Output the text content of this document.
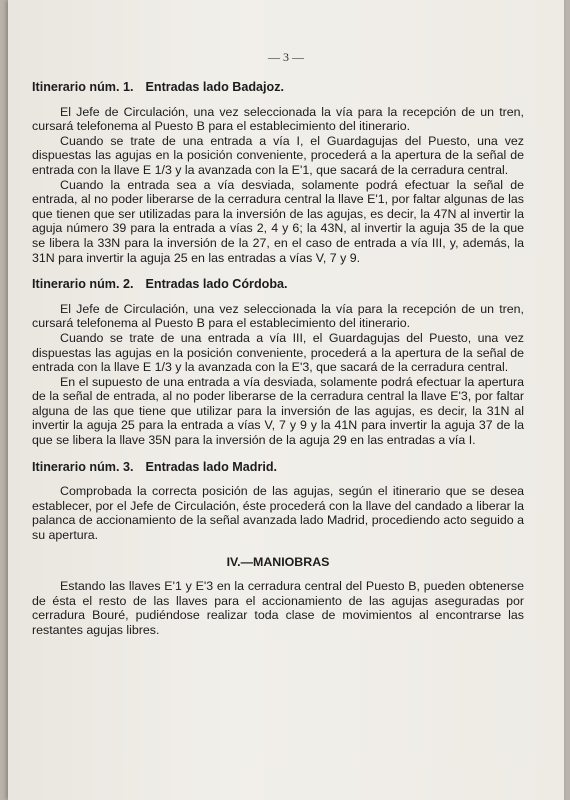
— 3 —
Itinerario núm. 1. Entradas lado Badajoz.

El Jefe de Circulación, una vez seleccionada la vía para la recepción de un tren, cursará telefonema al Puesto B para el establecimiento del itinerario.

Cuando se trate de una entrada a vía I, el Guardagujas del Puesto, una vez dispuestas las agujas en la posición conveniente, procederá a la apertura de la señal de entrada con la llave E 1/3 y la avanzada con la E'1, que sacará de la cerradura central.

Cuando la entrada sea a vía desviada, solamente podrá efectuar la señal de entrada, al no poder liberarse de la cerradura central la llave E'1, por faltar algunas de las que tienen que ser utilizadas para la inversión de las agujas, es decir, la 47N al invertir la aguja número 39 para la entrada a vías 2, 4 y 6; la 43N, al invertir la aguja 35 de la que se libera la 33N para la inversión de la 27, en el caso de entrada a vía III, y, además, la 31N para invertir la aguja 25 en las entradas a vías V, 7 y 9.

Itinerario núm. 2. Entradas lado Córdoba.

El Jefe de Circulación, una vez seleccionada la vía para la recepción de un tren, cursará telefonema al Puesto B para el establecimiento del itinerario.

Cuando se trate de una entrada a vía III, el Guardagujas del Puesto, una vez dispuestas las agujas en la posición conveniente, procederá a la apertura de la señal de entrada con la llave E 1/3 y la avanzada con la E'3, que sacará de la cerradura central.

En el supuesto de una entrada a vía desviada, solamente podrá efectuar la apertura de la señal de entrada, al no poder liberarse de la cerradura central la llave E'3, por faltar alguna de las que tiene que utilizar para la inversión de las agujas, es decir, la 31N al invertir la aguja 25 para la entrada a vías V, 7 y 9 y la 41N para invertir la aguja 37 de la que se libera la llave 35N para la inversión de la aguja 29 en las entradas a vía I.

Itinerario núm. 3. Entradas lado Madrid.

Comprobada la correcta posición de las agujas, según el itinerario que se desea establecer, por el Jefe de Circulación, éste procederá con la llave del candado a liberar la palanca de accionamiento de la señal avanzada lado Madrid, procediendo acto seguido a su apertura.

IV.—MANIOBRAS

Estando las llaves E'1 y E'3 en la cerradura central del Puesto B, pueden obtenerse de ésta el resto de las llaves para el accionamiento de las agujas aseguradas por cerradura Bouré, pudiéndose realizar toda clase de movimientos al encontrarse las restantes agujas libres.
